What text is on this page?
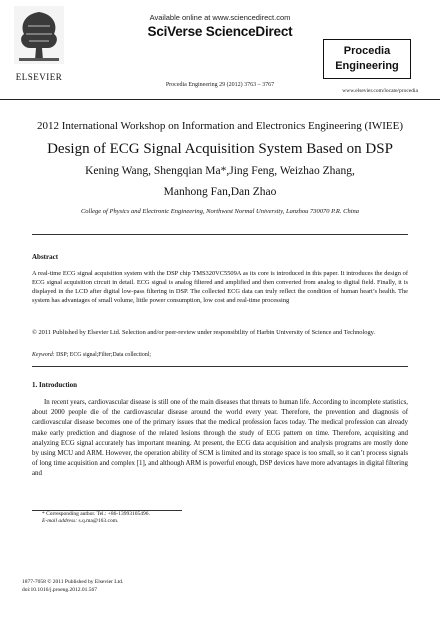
ELSEVIER
Available online at www.sciencedirect.com
SciVerse ScienceDirect
Procedia Engineering 29 (2012) 3763 – 3767
Procedia
Engineering
www.elsevier.com/locate/procedia
2012 International Workshop on Information and Electronics Engineering (IWIEE)
Design of ECG Signal Acquisition System Based on DSP
Kening Wang, Shengqian Ma*,Jing Feng, Weizhao Zhang,
Manhong Fan,Dan Zhao
College of Physics and Electronic Engineering, Northwest Normal University, Lanzhou 730070 P.R. China
Abstract
A real-time ECG signal acquisition system with the DSP chip TMS320VC5509A as its core is introduced in this paper. It introduces the design of ECG signal acquisition circuit in detail. ECG signal is analog filtered and amplified and then converted from analog to digital field. Finally, it is displayed in the LCD after digital low-pass filtering in DSP. The collected ECG data can truly reflect the condition of human heart’s health. The system has advantages of small volume, little power consumption, low cost and real-time processing
© 2011 Published by Elsevier Ltd. Selection and/or peer-review under responsibility of Harbin University of Science and Technology.
Keyword: DSP; ECG signal;Filter;Data collectionl;
1. Introduction
In recent years, cardiovascular disease is still one of the main diseases that threats to human life. According to incomplete statistics, about 2000 people die of the cardiovascular disease around the world every year. Therefore, the prevention and diagnosis of cardiovascular disease becomes one of the primary issues that the medical profession faces today. The medical profession can already make early prediction and diagnose of the related lesions through the study of ECG pattern on time. Therefore, acquisiting and analyzing ECG signal accurately has important meaning. At present, the ECG data acquisition and analysis programs are mostly done by using MCU and ARM. However, the operation ability of SCM is limited and its storage space is too small, so it can’t process signals of long time acquisition and complex [1], and although ARM is powerful enough, DSP devices have more advantages in digital filtering and
* Corresponding author. Tel.: +86-13993105496.
E-mail address: s.q.ma@163.com.
1877-7058 © 2011 Published by Elsevier Ltd.
doi:10.1016/j.proeng.2012.01.567
